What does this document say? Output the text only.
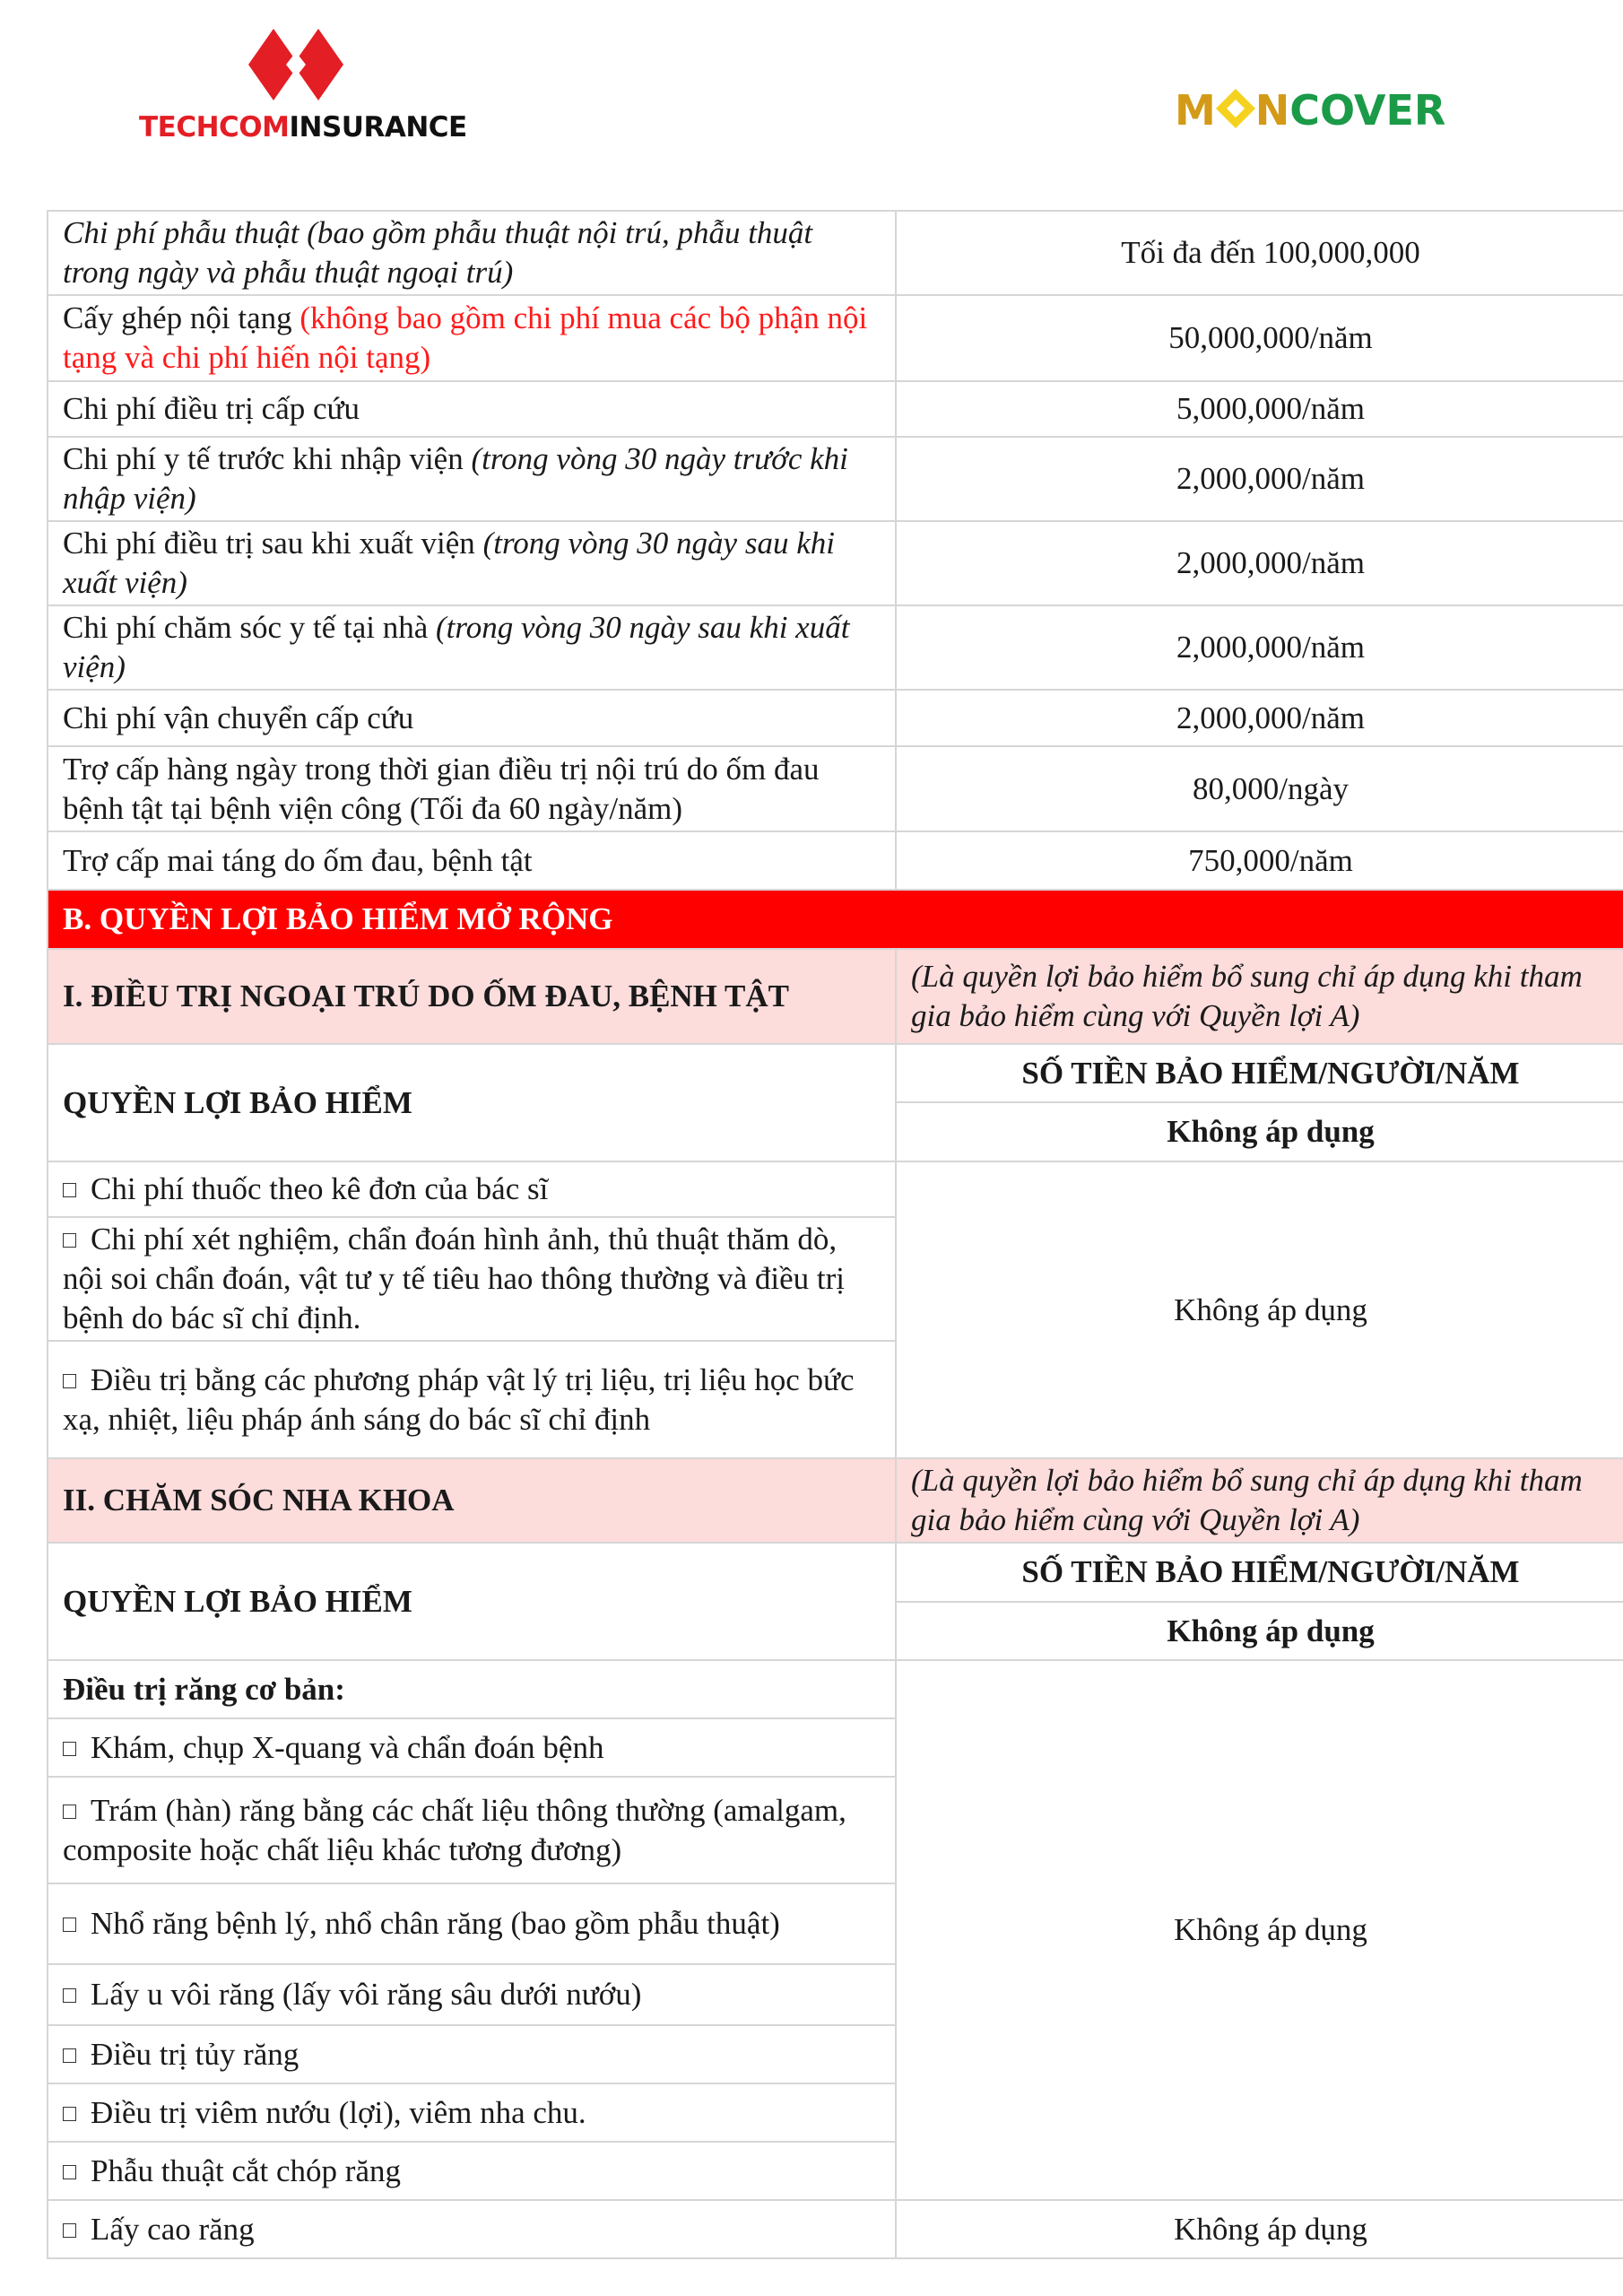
TECHCOMINSURANCE	M NCOVER
Chi phí phẫu thuật (bao gồm phẫu thuật nội trú, phẫu thuật trong ngày và phẫu thuật ngoại trú)	Tối đa đến 100,000,000
Cấy ghép nội tạng (không bao gồm chi phí mua các bộ phận nội tạng và chi phí hiến nội tạng)	50,000,000/năm
Chi phí điều trị cấp cứu	5,000,000/năm
Chi phí y tế trước khi nhập viện (trong vòng 30 ngày trước khi nhập viện)	2,000,000/năm
Chi phí điều trị sau khi xuất viện (trong vòng 30 ngày sau khi xuất viện)	2,000,000/năm
Chi phí chăm sóc y tế tại nhà (trong vòng 30 ngày sau khi xuất viện)	2,000,000/năm
Chi phí vận chuyển cấp cứu	2,000,000/năm
Trợ cấp hàng ngày trong thời gian điều trị nội trú do ốm đau bệnh tật tại bệnh viện công (Tối đa 60 ngày/năm)	80,000/ngày
Trợ cấp mai táng do ốm đau, bệnh tật	750,000/năm
B. QUYỀN LỢI BẢO HIỂM MỞ RỘNG	
I. ĐIỀU TRỊ NGOẠI TRÚ DO ỐM ĐAU, BỆNH TẬT	(Là quyền lợi bảo hiểm bổ sung chỉ áp dụng khi tham gia bảo hiểm cùng với Quyền lợi A)
QUYỀN LỢI BẢO HIỂM	SỐ TIỀN BẢO HIỂM/NGƯỜI/NĂM
	Không áp dụng
Chi phí thuốc theo kê đơn của bác sĩ	Không áp dụng
Chi phí xét nghiệm, chẩn đoán hình ảnh, thủ thuật thăm dò, nội soi chẩn đoán, vật tư y tế tiêu hao thông thường và điều trị bệnh do bác sĩ chỉ định.	
Điều trị bằng các phương pháp vật lý trị liệu, trị liệu học bức xạ, nhiệt, liệu pháp ánh sáng do bác sĩ chỉ định	
II. CHĂM SÓC NHA KHOA	(Là quyền lợi bảo hiểm bổ sung chỉ áp dụng khi tham gia bảo hiểm cùng với Quyền lợi A)
QUYỀN LỢI BẢO HIỂM	SỐ TIỀN BẢO HIỂM/NGƯỜI/NĂM
	Không áp dụng
Điều trị răng cơ bản:	Không áp dụng
Khám, chụp X-quang và chẩn đoán bệnh	
Trám (hàn) răng bằng các chất liệu thông thường (amalgam, composite hoặc chất liệu khác tương đương)	
Nhổ răng bệnh lý, nhổ chân răng (bao gồm phẫu thuật)	
Lấy u vôi răng (lấy vôi răng sâu dưới nướu)	
Điều trị tủy răng	
Điều trị viêm nướu (lợi), viêm nha chu.	
Phẫu thuật cắt chóp răng	
Lấy cao răng	Không áp dụng
